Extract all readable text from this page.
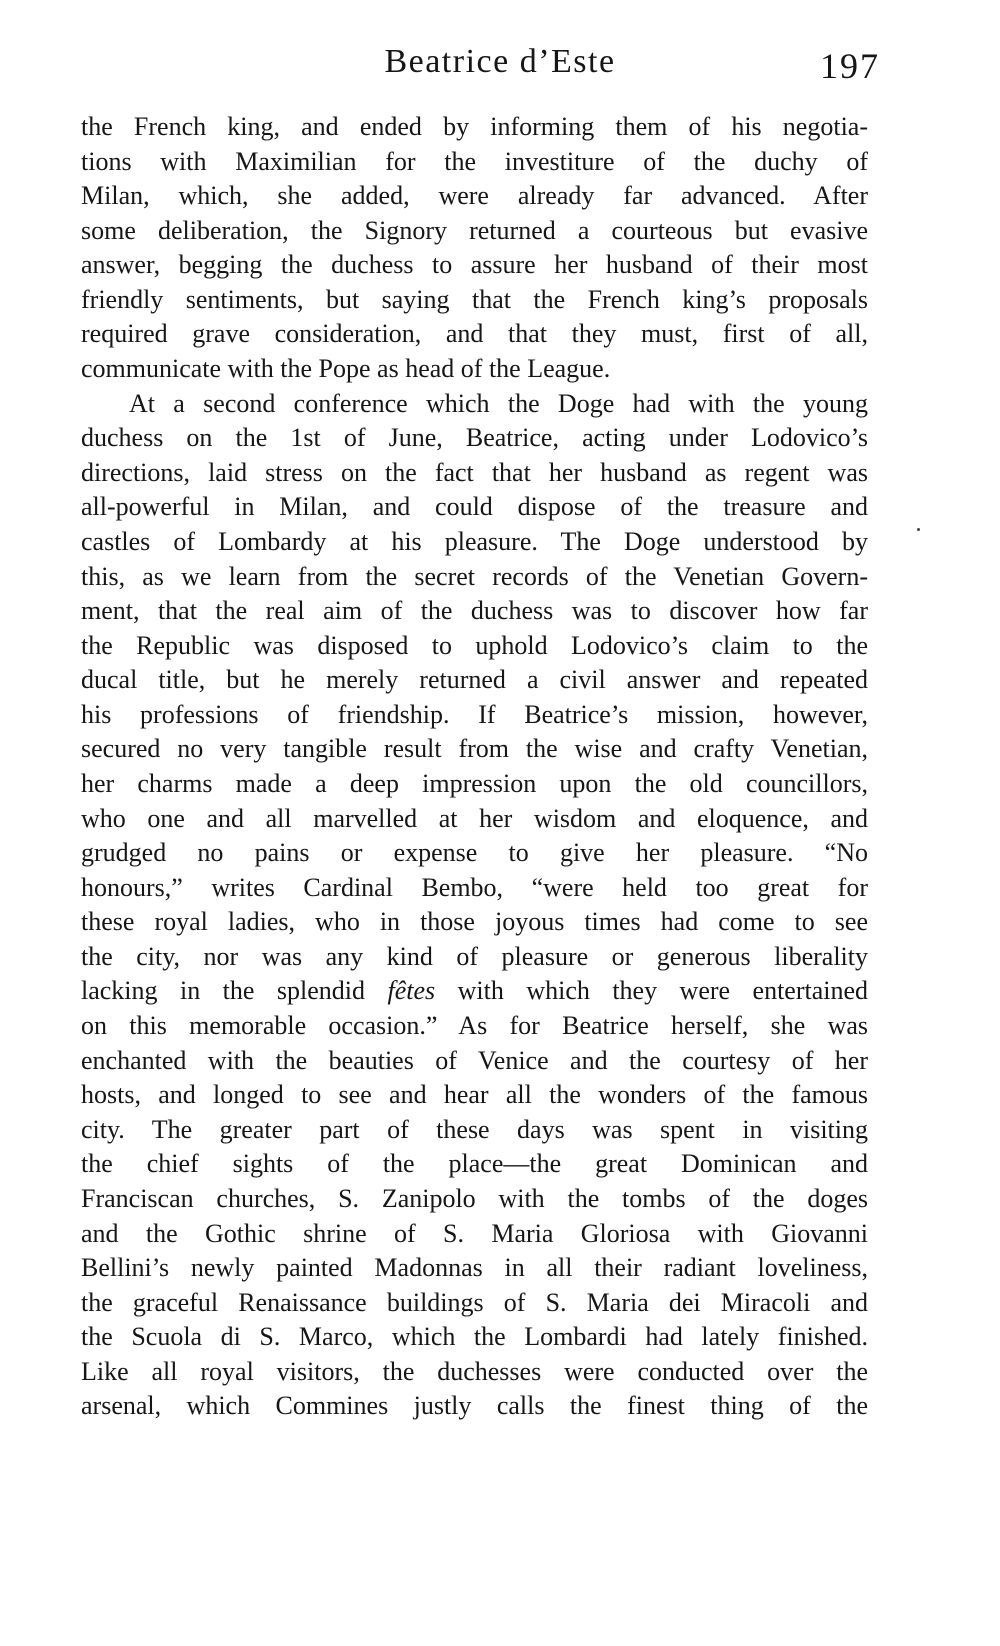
Beatrice d’Este	197
the French king, and ended by informing them of his negotia-
tions with Maximilian for the investiture of the duchy of
Milan, which, she added, were already far advanced. After
some deliberation, the Signory returned a courteous but evasive
answer, begging the duchess to assure her husband of their most
friendly sentiments, but saying that the French king’s proposals
required grave consideration, and that they must, first of all,
communicate with the Pope as head of the League.
At a second conference which the Doge had with the young
duchess on the 1st of June, Beatrice, acting under Lodovico’s
directions, laid stress on the fact that her husband as regent was
all-powerful in Milan, and could dispose of the treasure and
castles of Lombardy at his pleasure. The Doge understood by
this, as we learn from the secret records of the Venetian Govern-
ment, that the real aim of the duchess was to discover how far
the Republic was disposed to uphold Lodovico’s claim to the
ducal title, but he merely returned a civil answer and repeated
his professions of friendship. If Beatrice’s mission, however,
secured no very tangible result from the wise and crafty Venetian,
her charms made a deep impression upon the old councillors,
who one and all marvelled at her wisdom and eloquence, and
grudged no pains or expense to give her pleasure. “No
honours,” writes Cardinal Bembo, “were held too great for
these royal ladies, who in those joyous times had come to see
the city, nor was any kind of pleasure or generous liberality
lacking in the splendid fêtes with which they were entertained
on this memorable occasion.” As for Beatrice herself, she was
enchanted with the beauties of Venice and the courtesy of her
hosts, and longed to see and hear all the wonders of the famous
city. The greater part of these days was spent in visiting
the chief sights of the place—the great Dominican and
Franciscan churches, S. Zanipolo with the tombs of the doges
and the Gothic shrine of S. Maria Gloriosa with Giovanni
Bellini’s newly painted Madonnas in all their radiant loveliness,
the graceful Renaissance buildings of S. Maria dei Miracoli and
the Scuola di S. Marco, which the Lombardi had lately finished.
Like all royal visitors, the duchesses were conducted over the
arsenal, which Commines justly calls the finest thing of the
